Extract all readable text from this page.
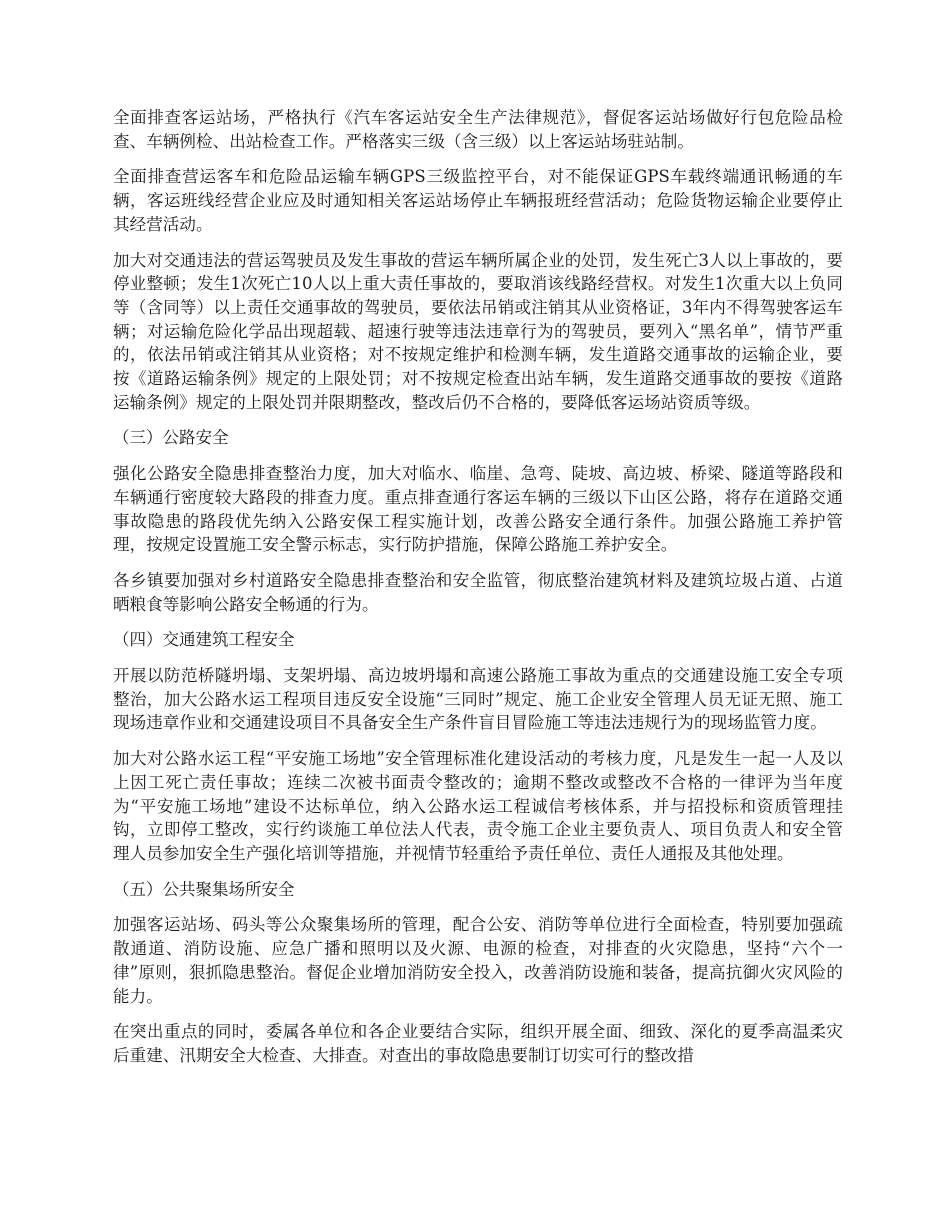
全面排查客运站场，严格执行《汽车客运站安全生产法律规范》，督促客运站场做好行包危险品检查、车辆例检、出站检查工作。严格落实三级（含三级）以上客运站场驻站制。

全面排查营运客车和危险品运输车辆GPS三级监控平台，对不能保证GPS车载终端通讯畅通的车辆，客运班线经营企业应及时通知相关客运站场停止车辆报班经营活动；危险货物运输企业要停止其经营活动。

加大对交通违法的营运驾驶员及发生事故的营运车辆所属企业的处罚，发生死亡3人以上事故的，要停业整顿；发生1次死亡10人以上重大责任事故的，要取消该线路经营权。对发生1次重大以上负同等（含同等）以上责任交通事故的驾驶员，要依法吊销或注销其从业资格证，3年内不得驾驶客运车辆；对运输危险化学品出现超载、超速行驶等违法违章行为的驾驶员，要列入“黑名单”，情节严重的，依法吊销或注销其从业资格；对不按规定维护和检测车辆，发生道路交通事故的运输企业，要按《道路运输条例》规定的上限处罚；对不按规定检查出站车辆，发生道路交通事故的要按《道路运输条例》规定的上限处罚并限期整改，整改后仍不合格的，要降低客运场站资质等级。

（三）公路安全

强化公路安全隐患排查整治力度，加大对临水、临崖、急弯、陡坡、高边坡、桥梁、隧道等路段和车辆通行密度较大路段的排查力度。重点排查通行客运车辆的三级以下山区公路，将存在道路交通事故隐患的路段优先纳入公路安保工程实施计划，改善公路安全通行条件。加强公路施工养护管理，按规定设置施工安全警示标志，实行防护措施，保障公路施工养护安全。

各乡镇要加强对乡村道路安全隐患排查整治和安全监管，彻底整治建筑材料及建筑垃圾占道、占道晒粮食等影响公路安全畅通的行为。

（四）交通建筑工程安全

开展以防范桥隧坍塌、支架坍塌、高边坡坍塌和高速公路施工事故为重点的交通建设施工安全专项整治，加大公路水运工程项目违反安全设施“三同时”规定、施工企业安全管理人员无证无照、施工现场违章作业和交通建设项目不具备安全生产条件盲目冒险施工等违法违规行为的现场监管力度。

加大对公路水运工程“平安施工场地”安全管理标准化建设活动的考核力度，凡是发生一起一人及以上因工死亡责任事故；连续二次被书面责令整改的；逾期不整改或整改不合格的一律评为当年度为“平安施工场地”建设不达标单位，纳入公路水运工程诚信考核体系，并与招投标和资质管理挂钩，立即停工整改，实行约谈施工单位法人代表，责令施工企业主要负责人、项目负责人和安全管理人员参加安全生产强化培训等措施，并视情节轻重给予责任单位、责任人通报及其他处理。

（五）公共聚集场所安全

加强客运站场、码头等公众聚集场所的管理，配合公安、消防等单位进行全面检查，特别要加强疏散通道、消防设施、应急广播和照明以及火源、电源的检查，对排查的火灾隐患，坚持“六个一律”原则，狠抓隐患整治。督促企业增加消防安全投入，改善消防设施和装备，提高抗御火灾风险的能力。

在突出重点的同时，委属各单位和各企业要结合实际，组织开展全面、细致、深化的夏季高温柔灾后重建、汛期安全大检查、大排查。对查出的事故隐患要制订切实可行的整改措
